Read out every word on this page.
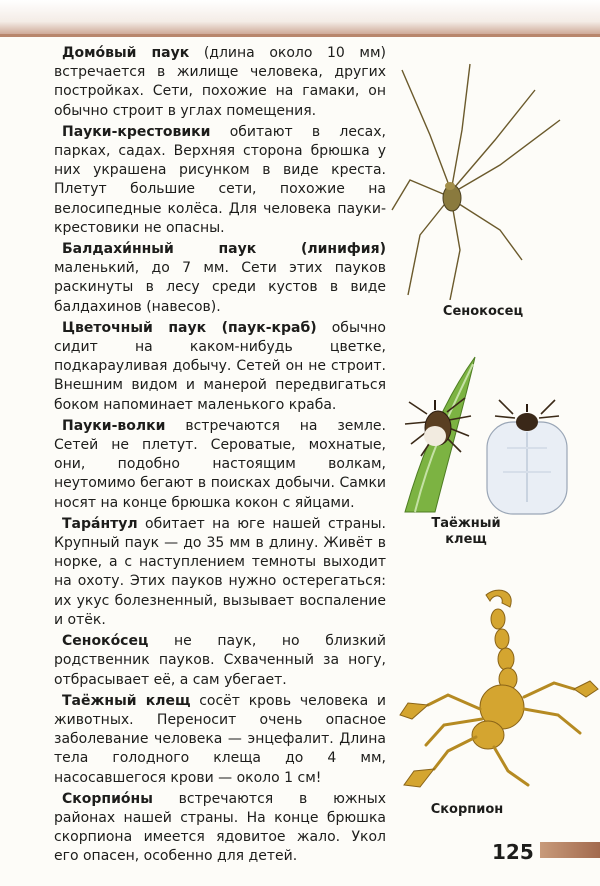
Домо́вый паук (длина около 10 мм) встречается в жилище человека, других постройках. Сети, похожие на гамаки, он обычно строит в углах помещения.

Пауки-крестовики обитают в лесах, парках, садах. Верхняя сторона брюшка у них украшена рисунком в виде креста. Плетут большие сети, похожие на велосипедные колёса. Для человека пауки-крестовики не опасны.

Балдахи́нный паук (линифия) маленький, до 7 мм. Сети этих пауков раскинуты в лесу среди кустов в виде балдахинов (навесов).

Цветочный паук (паук-краб) обычно сидит на каком-нибудь цветке, подкарауливая добычу. Сетей он не строит. Внешним видом и манерой передвигаться боком напоминает маленького краба.

Пауки-волки встречаются на земле. Сетей не плетут. Сероватые, мохнатые, они, подобно настоящим волкам, неутомимо бегают в поисках добычи. Самки носят на конце брюшка кокон с яйцами.

Тара́нтул обитает на юге нашей страны. Крупный паук — до 35 мм в длину. Живёт в норке, а с наступлением темноты выходит на охоту. Этих пауков нужно остерегаться: их укус болезненный, вызывает воспаление и отёк.

Сеноко́сец не паук, но близкий родственник пауков. Схваченный за ногу, отбрасывает её, а сам убегает.

Таёжный клещ сосёт кровь человека и животных. Переносит очень опасное заболевание человека — энцефалит. Длина тела голодного клеща до 4 мм, насосавшегося крови — около 1 см!

Скорпио́ны встречаются в южных районах нашей страны. На конце брюшка скорпиона имеется ядовитое жало. Укол его опасен, особенно для детей.

Сенокосец
Таёжный
клещ
Скорпион
125
